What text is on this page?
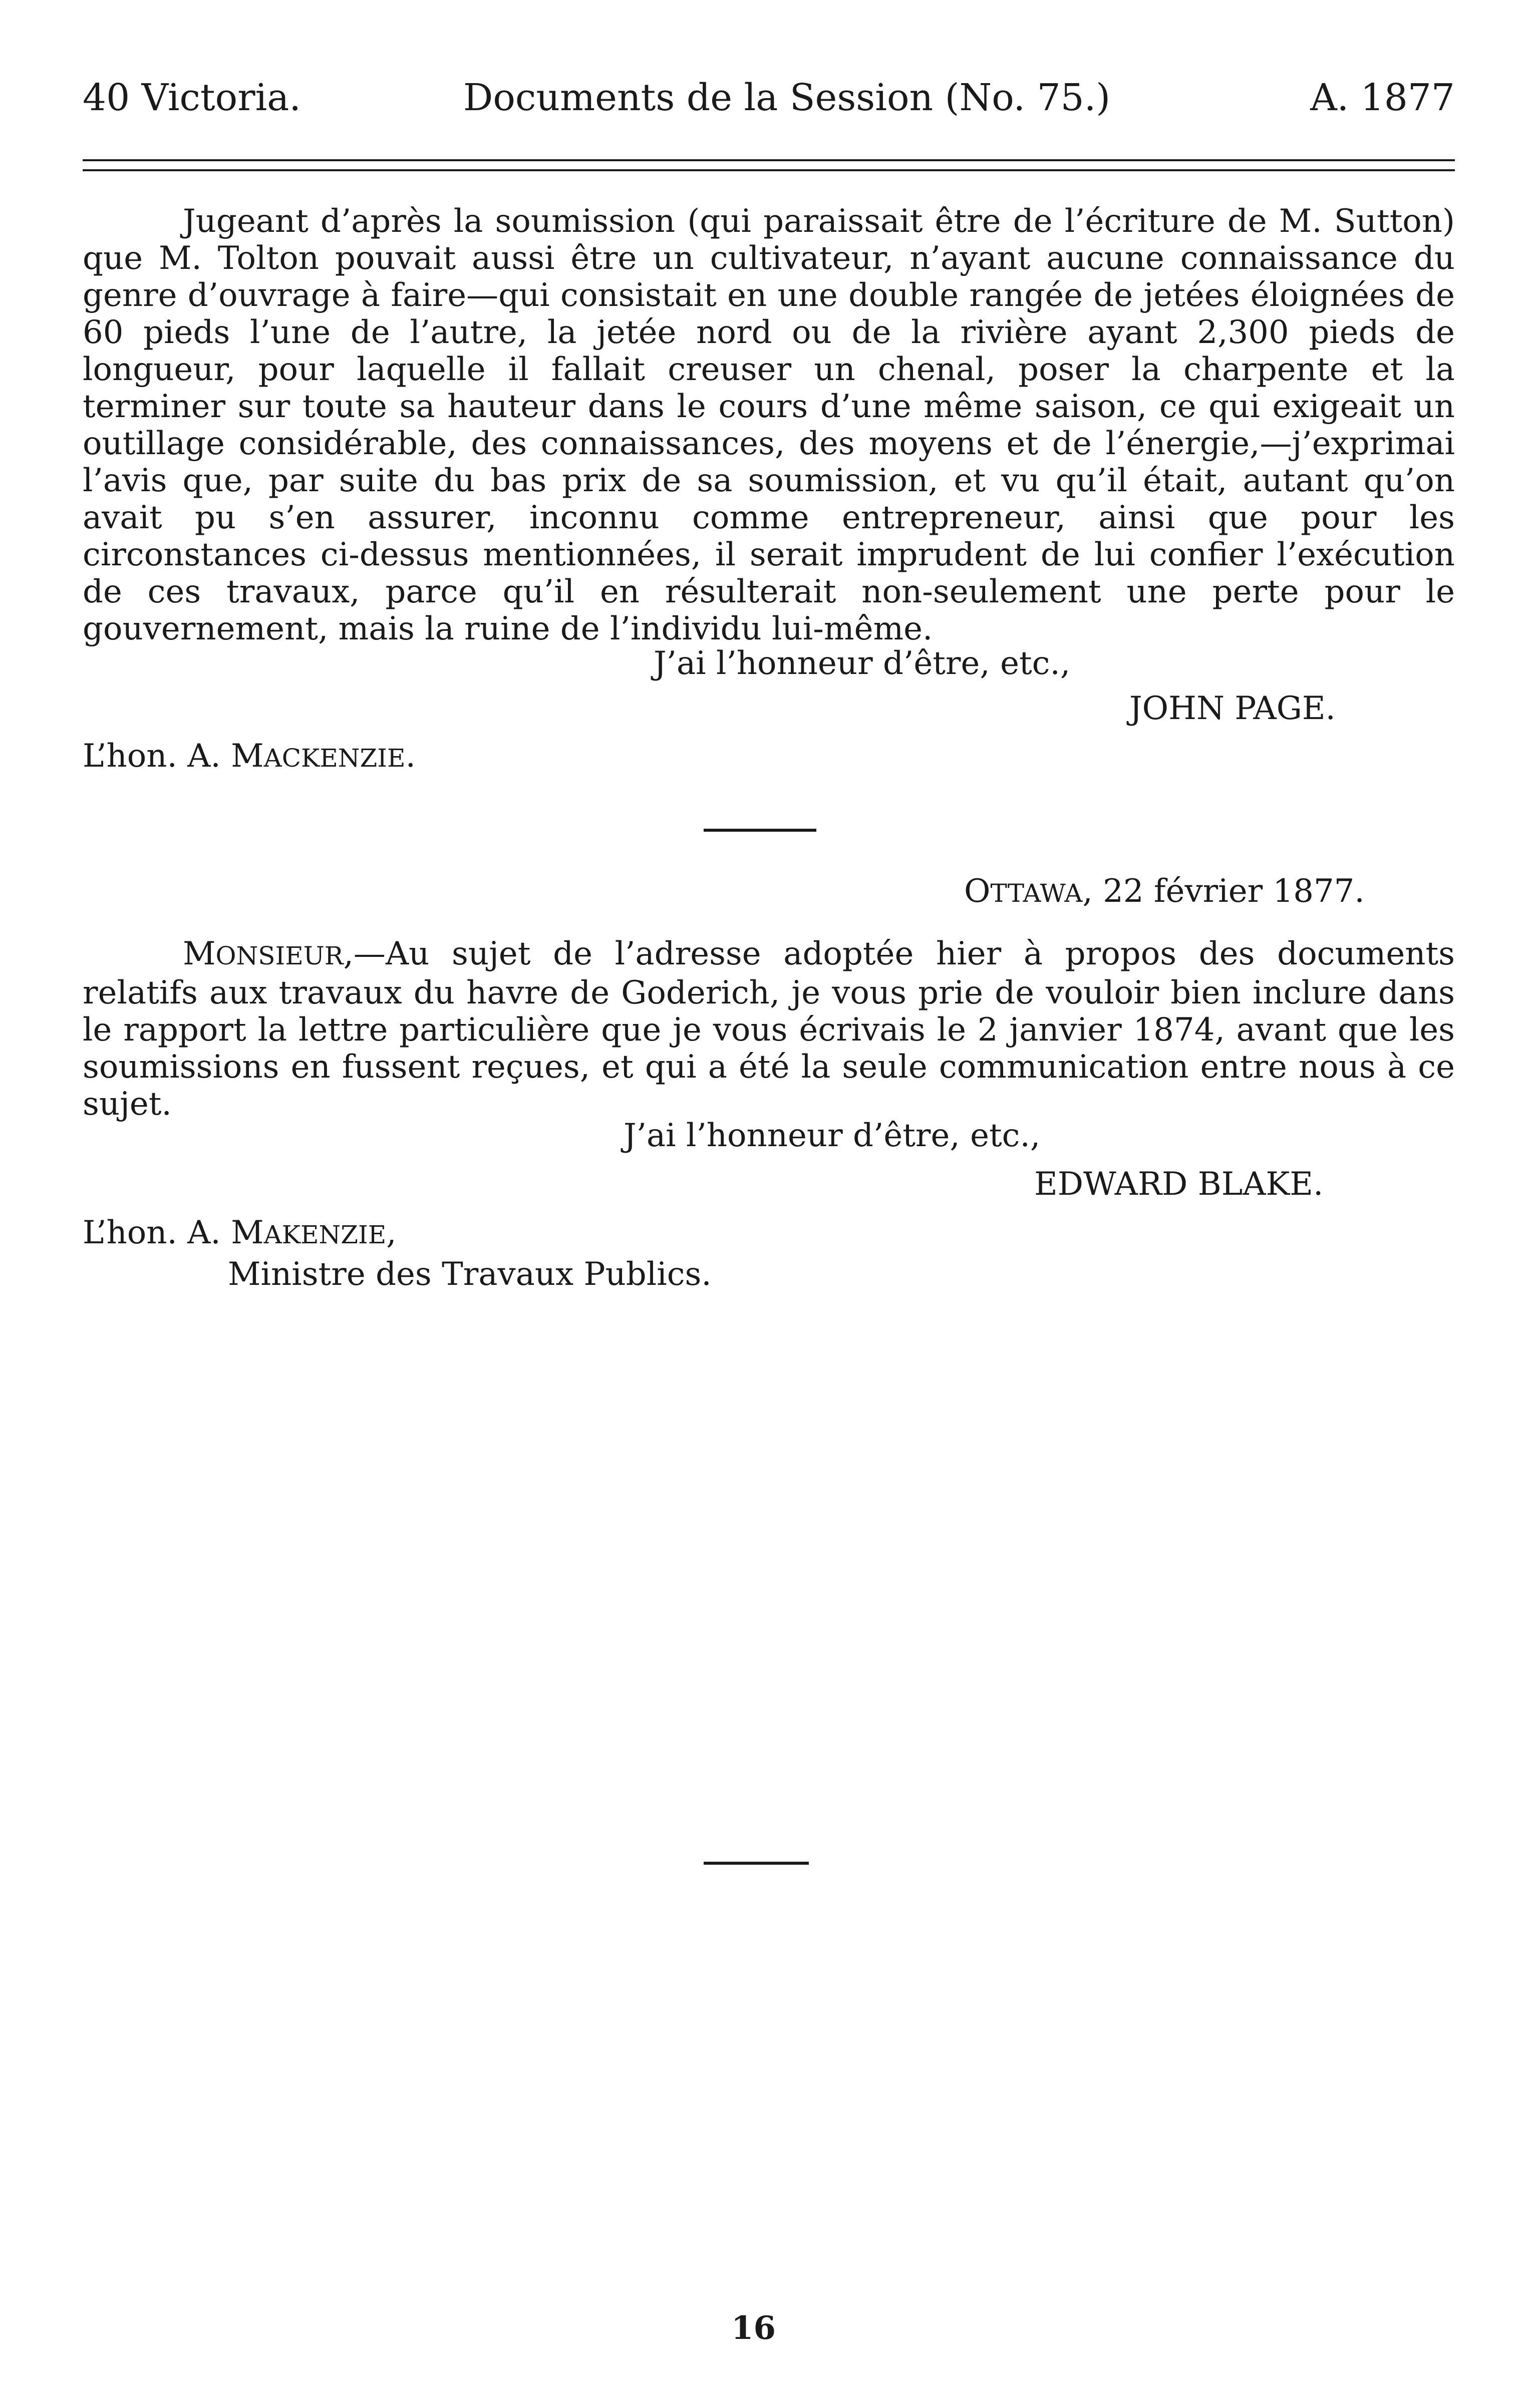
40 Victoria.	Documents de la Session (No. 75.)	A. 1877

Jugeant d’après la soumission (qui paraissait être de l’écriture de M. Sutton) que M. Tolton pouvait aussi être un cultivateur, n’ayant aucune connaissance du genre d’ouvrage à faire—qui consistait en une double rangée de jetées éloignées de 60 pieds l’une de l’autre, la jetée nord ou de la rivière ayant 2,300 pieds de longueur, pour laquelle il fallait creuser un chenal, poser la charpente et la terminer sur toute sa hauteur dans le cours d’une même saison, ce qui exigeait un outillage considérable, des connaissances, des moyens et de l’énergie,—j’exprimai l’avis que, par suite du bas prix de sa soumission, et vu qu’il était, autant qu’on avait pu s’en assurer, inconnu comme entrepreneur, ainsi que pour les circonstances ci-dessus mentionnées, il serait imprudent de lui confier l’exécution de ces travaux, parce qu’il en résulterait non-seulement une perte pour le gouvernement, mais la ruine de l’individu lui-même.

J’ai l’honneur d’être, etc.,

JOHN PAGE.

L’hon. A. MACKENZIE.

OTTAWA, 22 février 1877.

MONSIEUR,—Au sujet de l’adresse adoptée hier à propos des documents relatifs aux travaux du havre de Goderich, je vous prie de vouloir bien inclure dans le rapport la lettre particulière que je vous écrivais le 2 janvier 1874, avant que les soumissions en fussent reçues, et qui a été la seule communication entre nous à ce sujet.

J’ai l’honneur d’être, etc.,

EDWARD BLAKE.

L’hon. A. MAKENZIE,

Ministre des Travaux Publics.

16
